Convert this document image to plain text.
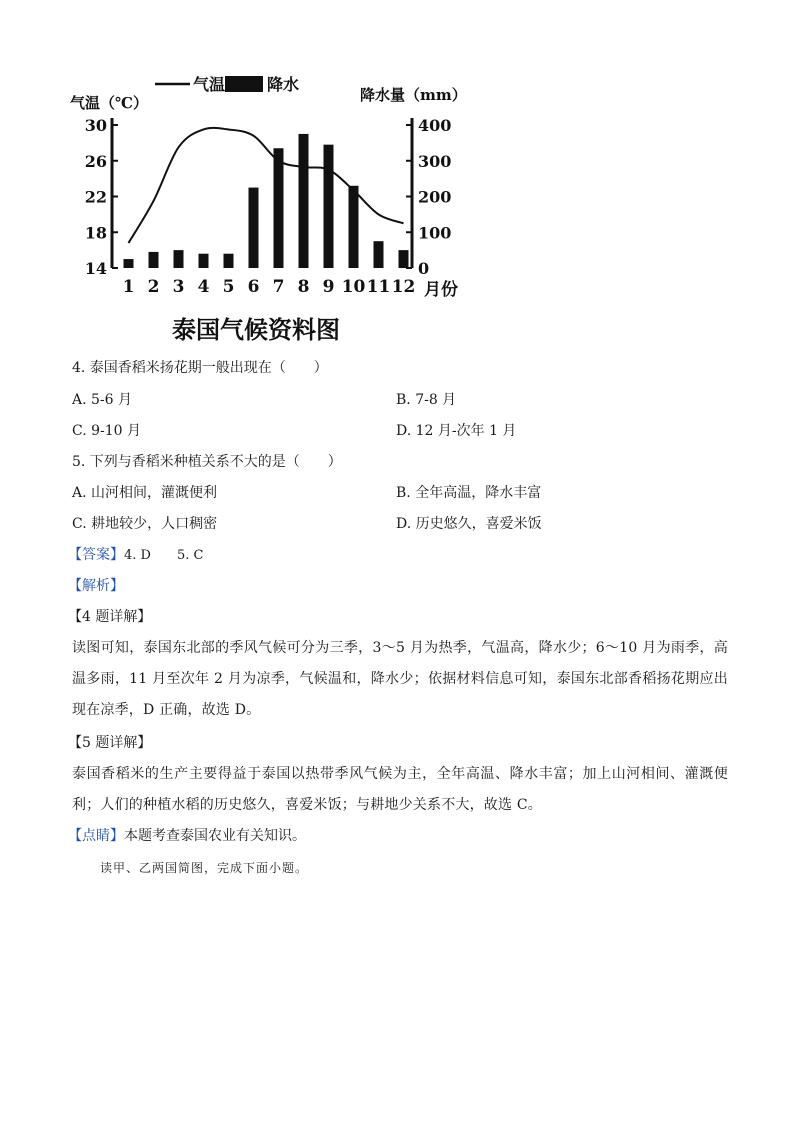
气温	降水
气温（℃）	降水量（mm）
30
26
22
18
14
400
300
200
100
0
1 2 3 4 5 6 7 8 9 10 11 12 月份
泰国气候资料图
4. 泰国香稻米扬花期一般出现在（　　）
A. 5-6 月	B. 7-8 月
C. 9-10 月	D. 12 月-次年 1 月
5. 下列与香稻米种植关系不大的是（　　）
A. 山河相间，灌溉便利	B. 全年高温，降水丰富
C. 耕地较少，人口稠密	D. 历史悠久，喜爱米饭
【答案】4. D　　5. C
【解析】
【4 题详解】
读图可知，泰国东北部的季风气候可分为三季，3～5 月为热季，气温高，降水少；6～10 月为雨季，高温多雨，11 月至次年 2 月为凉季，气候温和，降水少；依据材料信息可知，泰国东北部香稻扬花期应出现在凉季，D 正确，故选 D。
【5 题详解】
泰国香稻米的生产主要得益于泰国以热带季风气候为主，全年高温、降水丰富；加上山河相间、灌溉便利；人们的种植水稻的历史悠久，喜爱米饭；与耕地少关系不大，故选 C。
【点睛】本题考查泰国农业有关知识。
读甲、乙两国简图，完成下面小题。
